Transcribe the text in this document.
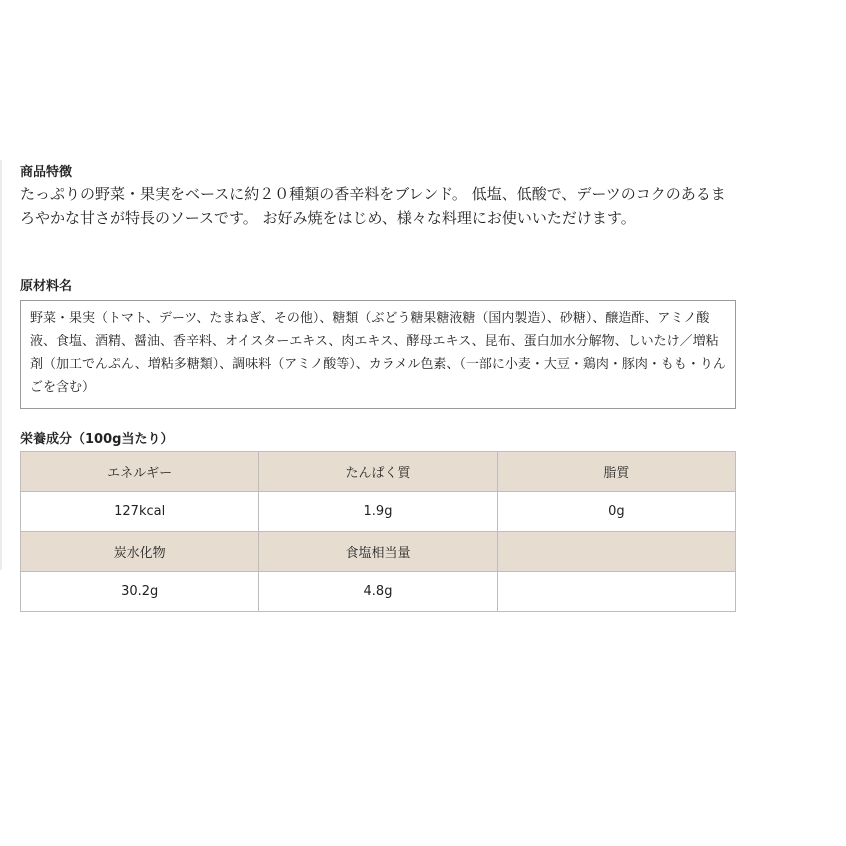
商品特徴

たっぷりの野菜・果実をベースに約２０種類の香辛料をブレンド。 低塩、低酸で、デーツのコクのあるまろやかな甘さが特長のソースです。 お好み焼をはじめ、様々な料理にお使いいただけます。

原材料名
野菜・果実（トマト、デーツ、たまねぎ、その他）、糖類（ぶどう糖果糖液糖（国内製造）、砂糖）、醸造酢、アミノ酸液、食塩、酒精、醤油、香辛料、オイスターエキス、肉エキス、酵母エキス、昆布、蛋白加水分解物、しいたけ／増粘剤（加工でんぷん、増粘多糖類）、調味料（アミノ酸等）、カラメル色素、（一部に小麦・大豆・鶏肉・豚肉・もも・りんごを含む）
栄養成分（100g当たり）
エネルギー	たんぱく質	脂質
127kcal	1.9g	0g
炭水化物	食塩相当量	
30.2g	4.8g	
